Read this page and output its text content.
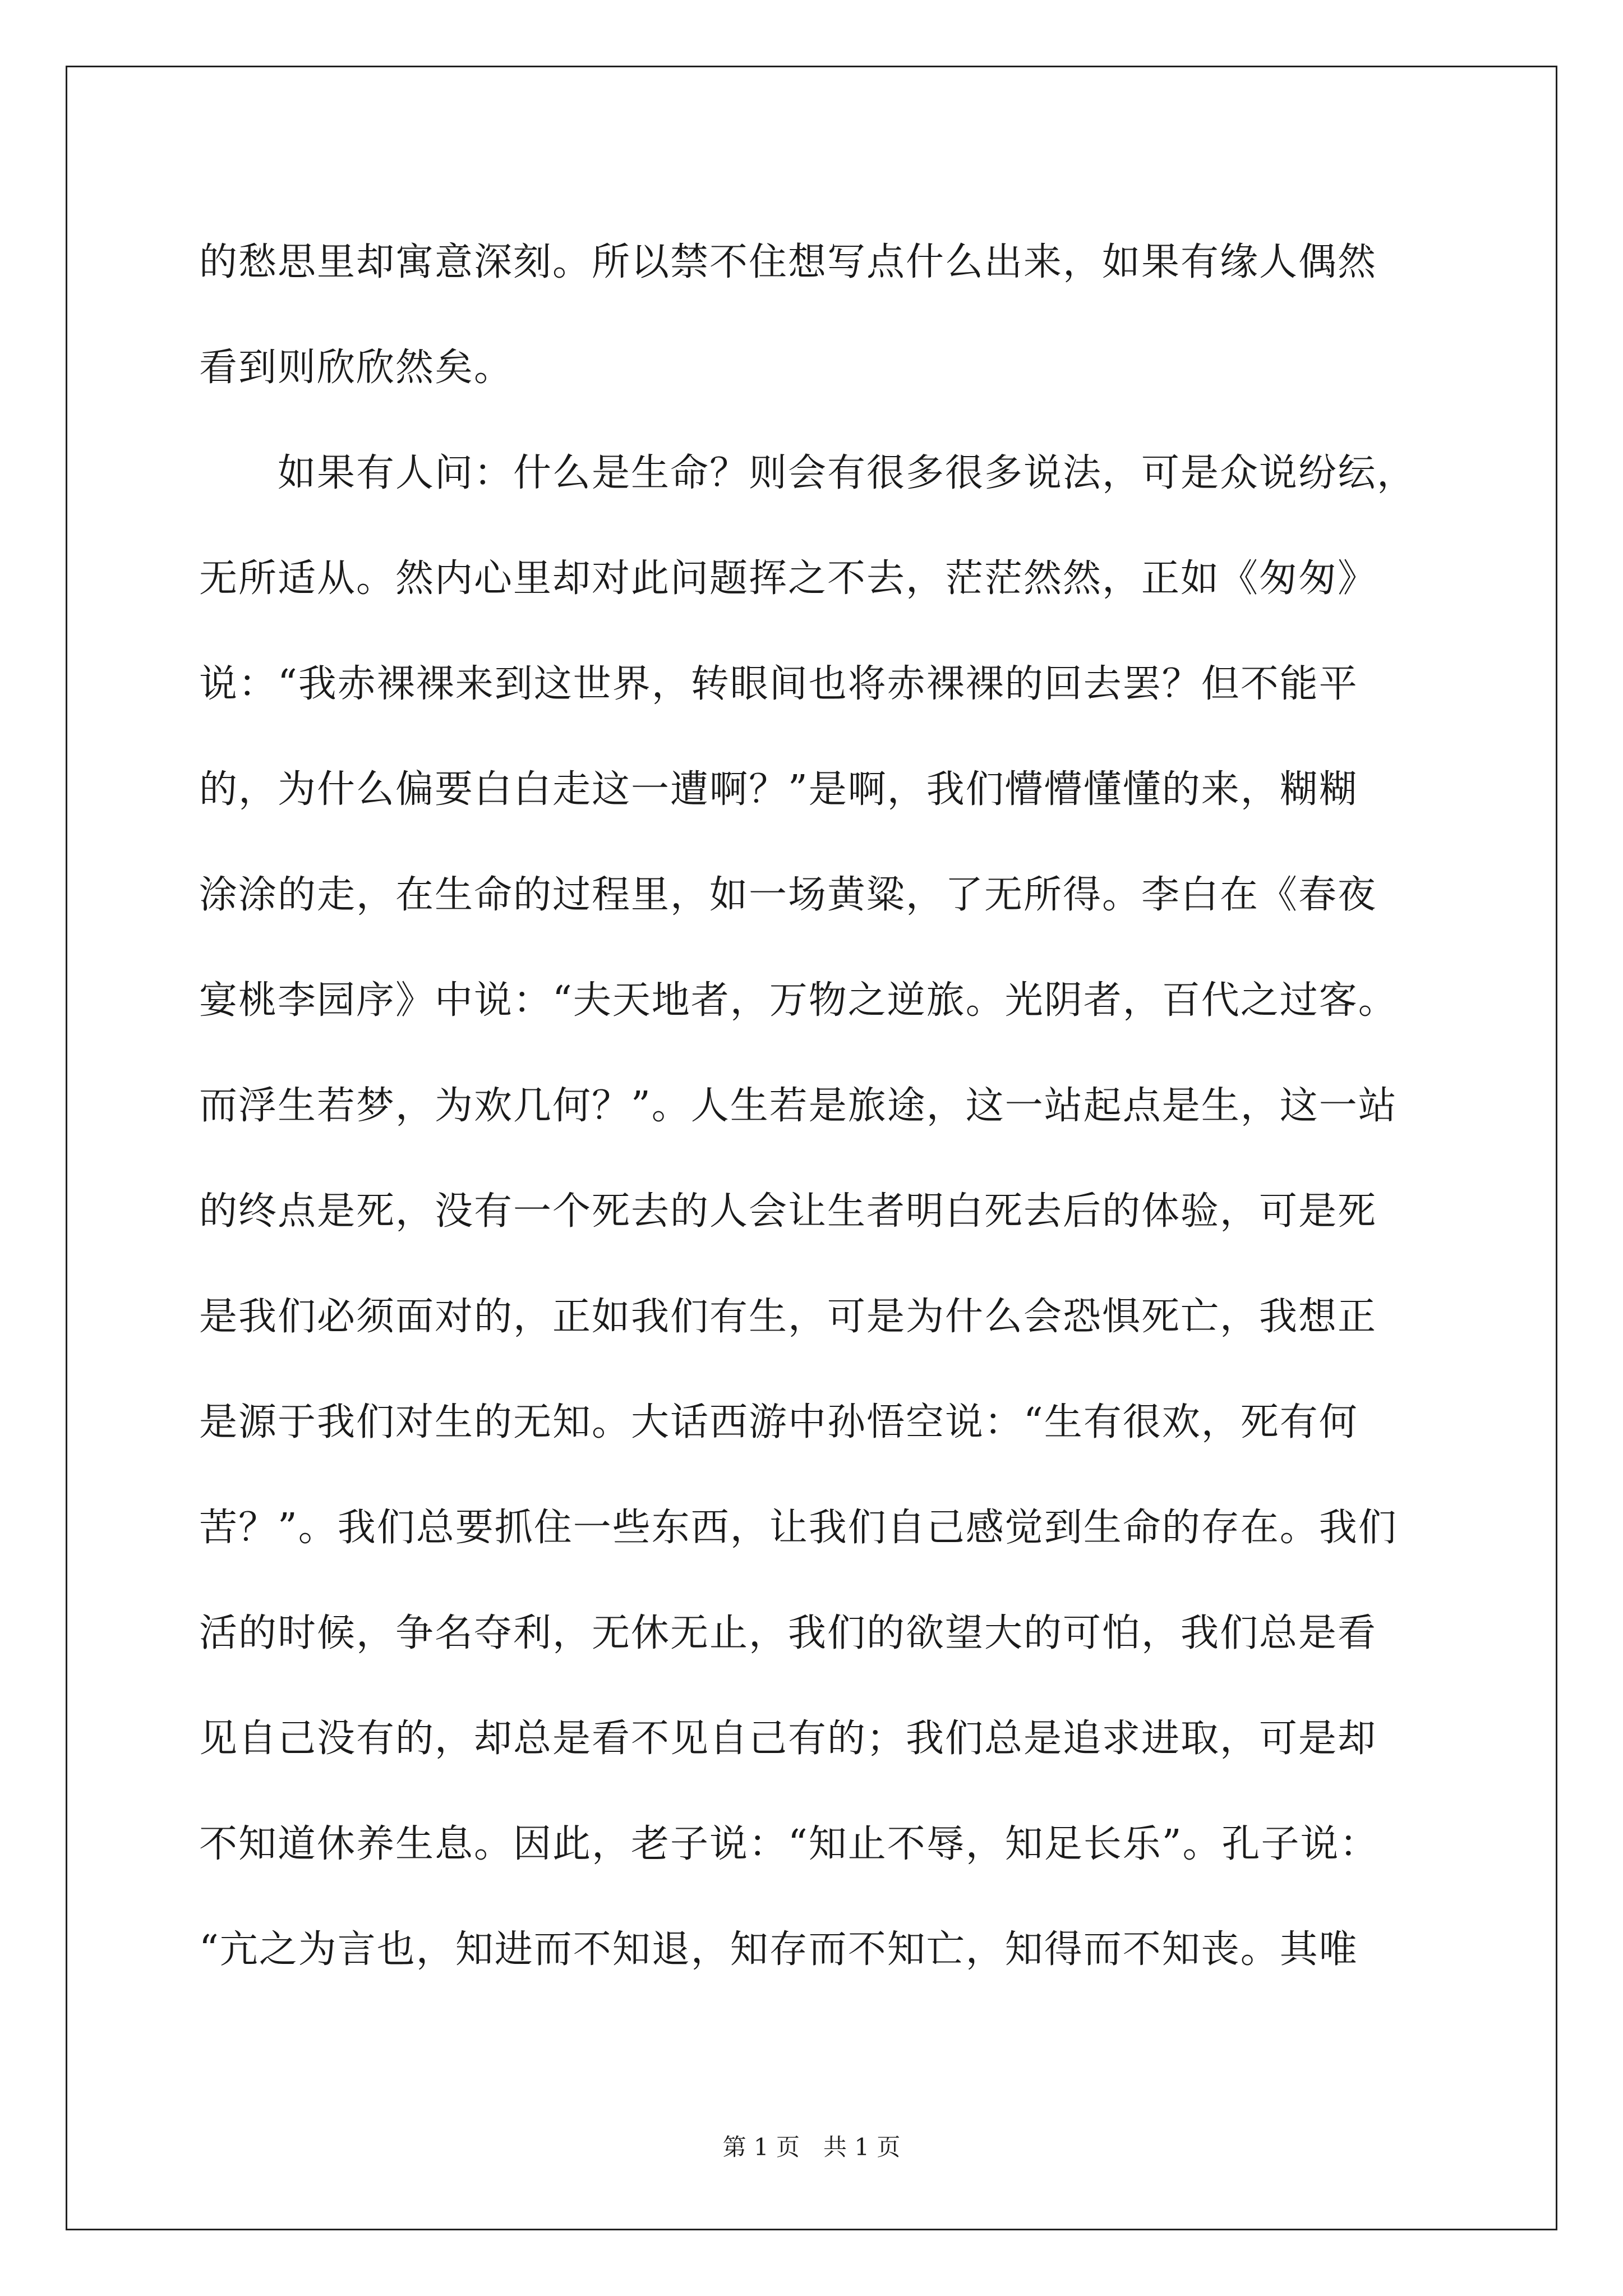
的愁思里却寓意深刻。所以禁不住想写点什么出来，如果有缘人偶然
看到则欣欣然矣。
　　如果有人问：什么是生命？则会有很多很多说法，可是众说纷纭，
无所适从。然内心里却对此问题挥之不去，茫茫然然，正如《匆匆》
说：“我赤裸裸来到这世界，转眼间也将赤裸裸的回去罢？但不能平
的，为什么偏要白白走这一遭啊？”是啊，我们懵懵懂懂的来，糊糊
涂涂的走，在生命的过程里，如一场黄粱，了无所得。李白在《春夜
宴桃李园序》中说：“夫天地者，万物之逆旅。光阴者，百代之过客。
而浮生若梦，为欢几何？”。人生若是旅途，这一站起点是生，这一站
的终点是死，没有一个死去的人会让生者明白死去后的体验，可是死
是我们必须面对的，正如我们有生，可是为什么会恐惧死亡，我想正
是源于我们对生的无知。大话西游中孙悟空说：“生有很欢，死有何
苦？”。我们总要抓住一些东西，让我们自己感觉到生命的存在。我们
活的时候，争名夺利，无休无止，我们的欲望大的可怕，我们总是看
见自己没有的，却总是看不见自己有的；我们总是追求进取，可是却
不知道休养生息。因此，老子说：“知止不辱，知足长乐”。孔子说：
“亢之为言也，知进而不知退，知存而不知亡，知得而不知丧。其唯
第 1 页　共 1 页
